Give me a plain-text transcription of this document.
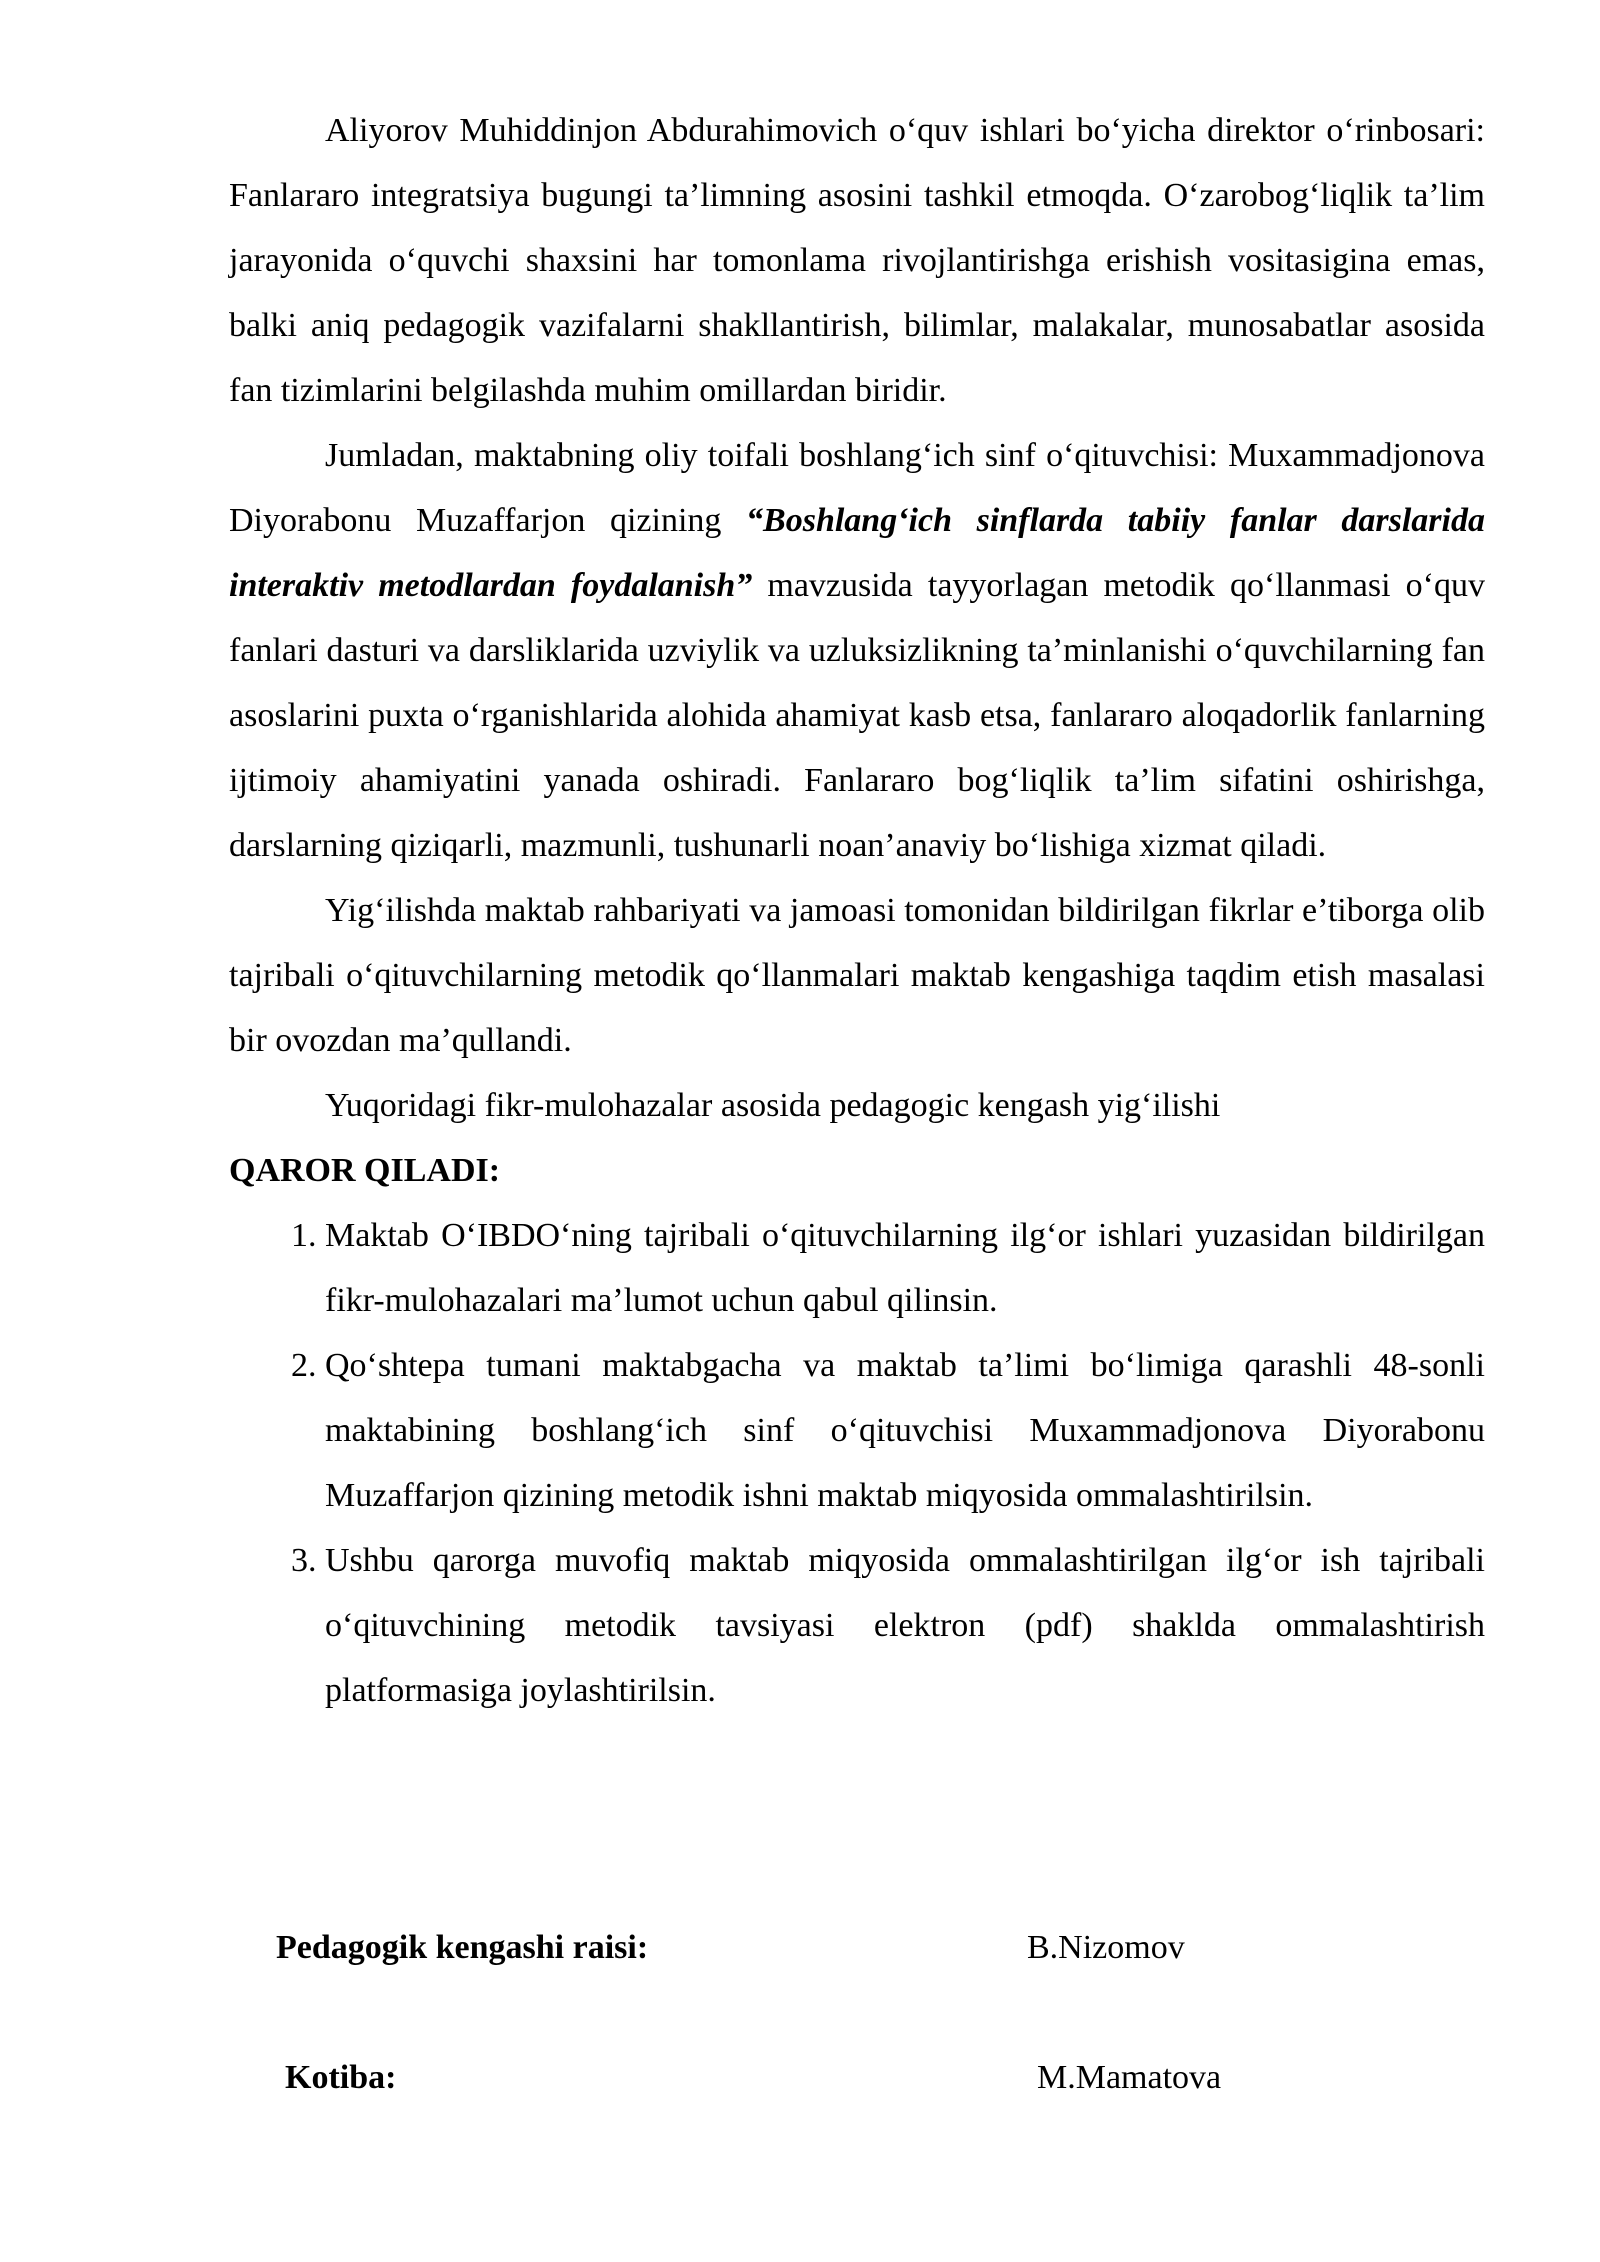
Aliyorov Muhiddinjon Abdurahimovich o‘quv ishlari bo‘yicha direktor o‘rinbosari: Fanlararo integratsiya bugungi ta’limning asosini tashkil etmoqda. O‘zarobog‘liqlik ta’lim jarayonida o‘quvchi shaxsini har tomonlama rivojlantirishga erishish vositasigina emas, balki aniq pedagogik vazifalarni shakllantirish, bilimlar, malakalar, munosabatlar asosida fan tizimlarini belgilashda muhim omillardan biridir.

Jumladan, maktabning oliy toifali boshlang‘ich sinf o‘qituvchisi: Muxammadjonova Diyorabonu Muzaffarjon qizining “Boshlang‘ich sinflarda tabiiy fanlar darslarida interaktiv metodlardan foydalanish” mavzusida tayyorlagan metodik qo‘llanmasi o‘quv fanlari dasturi va darsliklarida uzviylik va uzluksizlikning ta’minlanishi o‘quvchilarning fan asoslarini puxta o‘rganishlarida alohida ahamiyat kasb etsa, fanlararo aloqadorlik fanlarning ijtimoiy ahamiyatini yanada oshiradi. Fanlararo bog‘liqlik ta’lim sifatini oshirishga, darslarning qiziqarli, mazmunli, tushunarli noan’anaviy bo‘lishiga xizmat qiladi.

Yig‘ilishda maktab rahbariyati va jamoasi tomonidan bildirilgan fikrlar e’tiborga olib tajribali o‘qituvchilarning metodik qo‘llanmalari maktab kengashiga taqdim etish masalasi bir ovozdan ma’qullandi.

Yuqoridagi fikr-mulohazalar asosida pedagogic kengash yig‘ilishi

QAROR QILADI:

1. Maktab O‘IBDO‘ning tajribali o‘qituvchilarning ilg‘or ishlari yuzasidan bildirilgan fikr-mulohazalari ma’lumot uchun qabul qilinsin.
2. Qo‘shtepa tumani maktabgacha va maktab ta’limi bo‘limiga qarashli 48-sonli maktabining boshlang‘ich sinf o‘qituvchisi Muxammadjonova Diyorabonu Muzaffarjon qizining metodik ishni maktab miqyosida ommalashtirilsin.
3. Ushbu qarorga muvofiq maktab miqyosida ommalashtirilgan ilg‘or ish tajribali o‘qituvchining metodik tavsiyasi elektron (pdf) shaklda ommalashtirish platformasiga joylashtirilsin.
Pedagogik kengashi raisi:	B.Nizomov
Kotiba:	M.Mamatova
